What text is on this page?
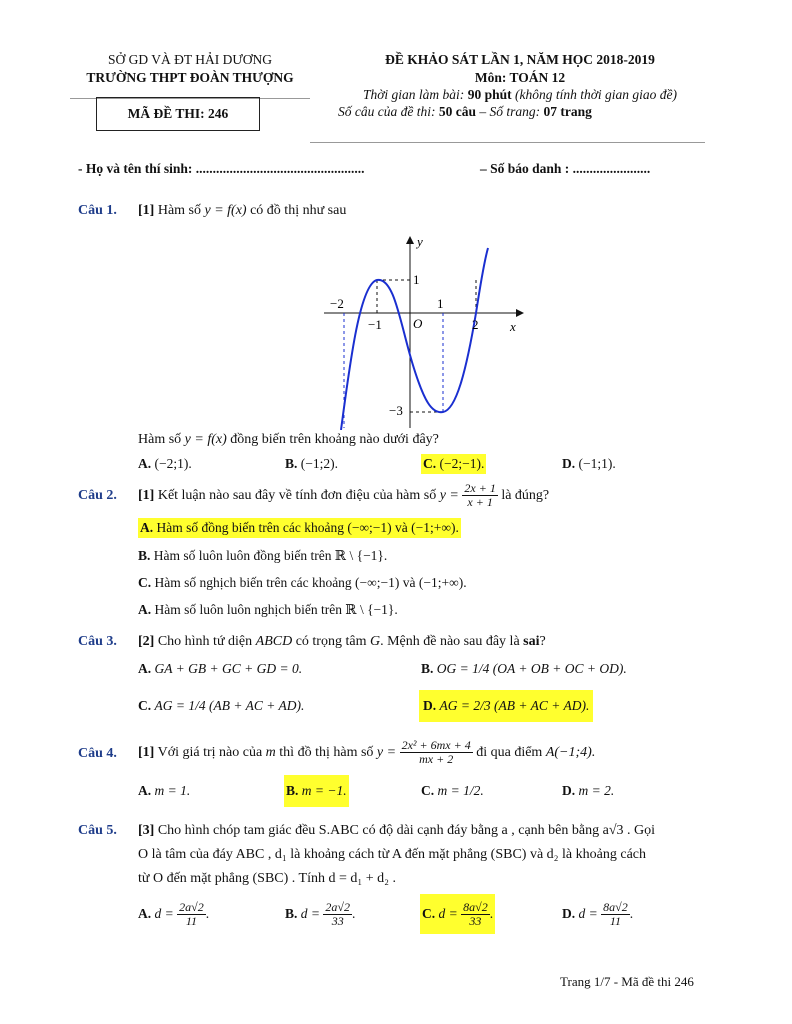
SỞ GD VÀ ĐT HẢI DƯƠNG
TRƯỜNG THPT ĐOÀN THƯỢNG
MÃ ĐỀ THI: 246
ĐỀ KHẢO SÁT LẦN 1, NĂM HỌC 2018-2019
Môn: TOÁN 12
Thời gian làm bài: 90 phút (không tính thời gian giao đề)
Số câu của đề thi: 50 câu – Số trang: 07 trang
- Họ và tên thí sinh: ..................................................	– Số báo danh : .......................
Câu 1. [1] Hàm số y = f(x) có đồ thị như sau
y
x
O
−2
−1
1
2
1
−3
Hàm số y = f(x) đồng biến trên khoảng nào dưới đây?
A. (−2;1).	B. (−1;2).	C. (−2;−1).	D. (−1;1).
Câu 2. [1] Kết luận nào sau đây về tính đơn điệu của hàm số $y = \frac{2x + 1}{x + 1}$ là đúng?
A. Hàm số đồng biến trên các khoảng (−∞;−1) và (−1;+∞).
B. Hàm số luôn luôn đồng biến trên ℝ \ {−1}.
C. Hàm số nghịch biến trên các khoảng (−∞;−1) và (−1;+∞).
A. Hàm số luôn luôn nghịch biến trên ℝ \ {−1}.
Câu 3. [2] Cho hình tứ diện ABCD có trọng tâm G. Mệnh đề nào sau đây là sai?
A. GA + GB + GC + GD = 0.	B. OG = 1/4 (OA + OB + OC + OD).
C. AG = 1/4 (AB + AC + AD).	D. AG = 2/3 (AB + AC + AD).
Câu 4. [1] Với giá trị nào của m thì đồ thị hàm số $y = \frac{\text{2x² + 6mx + 4}}{mx + 2}$ đi qua điểm A(−1;4).
A. m = 1.	B. m = −1.	C. m = 1/2.	D. m = 2.
Câu 5. [3] Cho hình chóp tam giác đều S.ABC có độ dài cạnh đáy bằng a , cạnh bên bằng a√3 . Gọi
O là tâm của đáy ABC , d₁ là khoảng cách từ A đến mặt phẳng (SBC) và d₂ là khoảng cách
từ O đến mặt phẳng (SBC) . Tính d = d₁ + d₂ .
A. $d = \frac{2a√2}{11}$ .	B. $d = \frac{2a√2}{33}$ .	C. $d = \frac{8a√2}{33}$ .	D. $d = \frac{8a√2}{11}$ .
Trang 1/7 - Mã đề thi 246
